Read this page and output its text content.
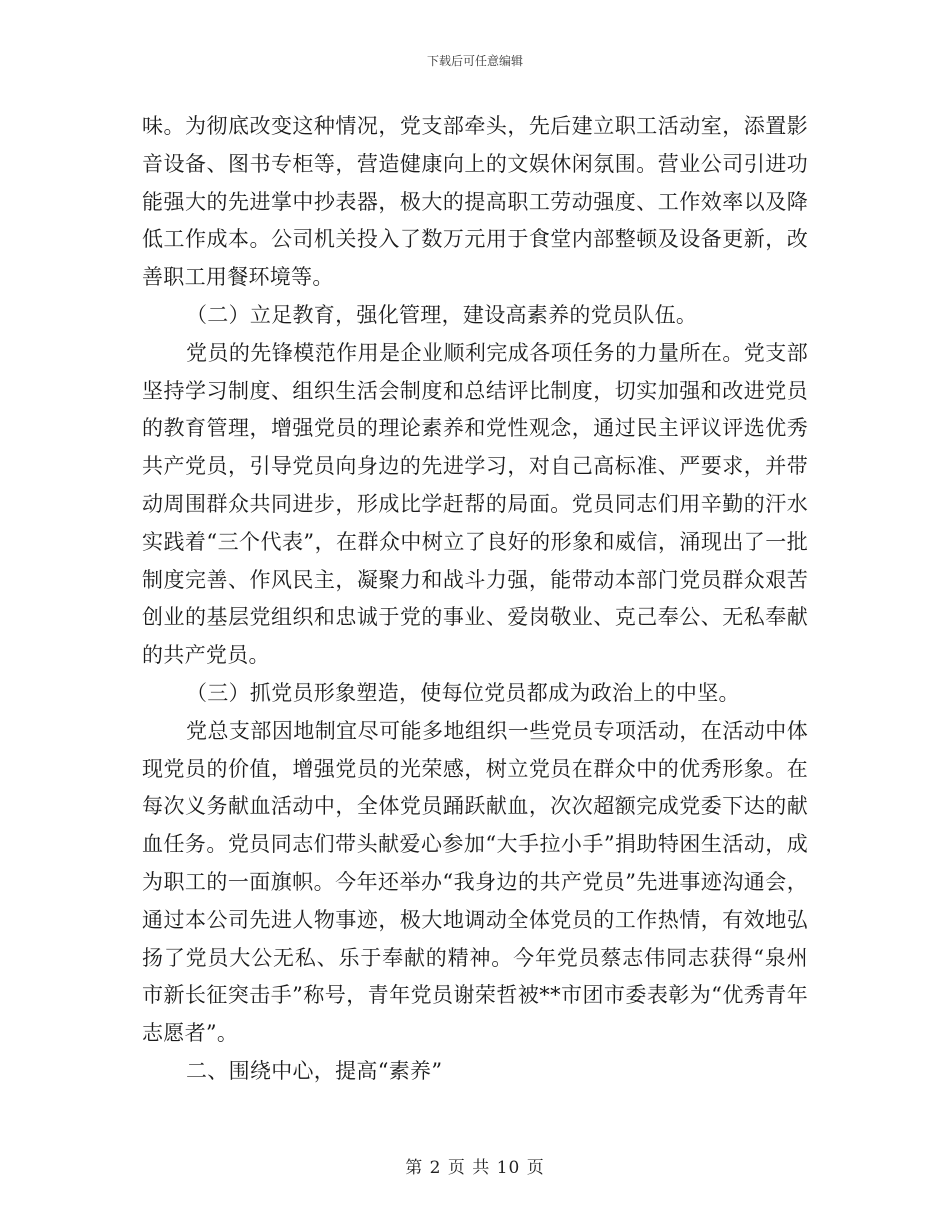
下载后可任意编辑

味。为彻底改变这种情况，党支部牵头，先后建立职工活动室，添置影音设备、图书专柜等，营造健康向上的文娱休闲氛围。营业公司引进功能强大的先进掌中抄表器，极大的提高职工劳动强度、工作效率以及降低工作成本。公司机关投入了数万元用于食堂内部整顿及设备更新，改善职工用餐环境等。

（二）立足教育，强化管理，建设高素养的党员队伍。

党员的先锋模范作用是企业顺利完成各项任务的力量所在。党支部坚持学习制度、组织生活会制度和总结评比制度，切实加强和改进党员的教育管理，增强党员的理论素养和党性观念，通过民主评议评选优秀共产党员，引导党员向身边的先进学习，对自己高标准、严要求，并带动周围群众共同进步，形成比学赶帮的局面。党员同志们用辛勤的汗水实践着“三个代表”，在群众中树立了良好的形象和威信，涌现出了一批制度完善、作风民主，凝聚力和战斗力强，能带动本部门党员群众艰苦创业的基层党组织和忠诚于党的事业、爱岗敬业、克己奉公、无私奉献的共产党员。

（三）抓党员形象塑造，使每位党员都成为政治上的中坚。

党总支部因地制宜尽可能多地组织一些党员专项活动，在活动中体现党员的价值，增强党员的光荣感，树立党员在群众中的优秀形象。在每次义务献血活动中，全体党员踊跃献血，次次超额完成党委下达的献血任务。党员同志们带头献爱心参加“大手拉小手”捐助特困生活动，成为职工的一面旗帜。今年还举办“我身边的共产党员”先进事迹沟通会，通过本公司先进人物事迹，极大地调动全体党员的工作热情，有效地弘扬了党员大公无私、乐于奉献的精神。今年党员蔡志伟同志获得“泉州市新长征突击手”称号，青年党员谢荣哲被**市团市委表彰为“优秀青年志愿者”。

二、围绕中心，提高“素养”

第 2 页 共 10 页
